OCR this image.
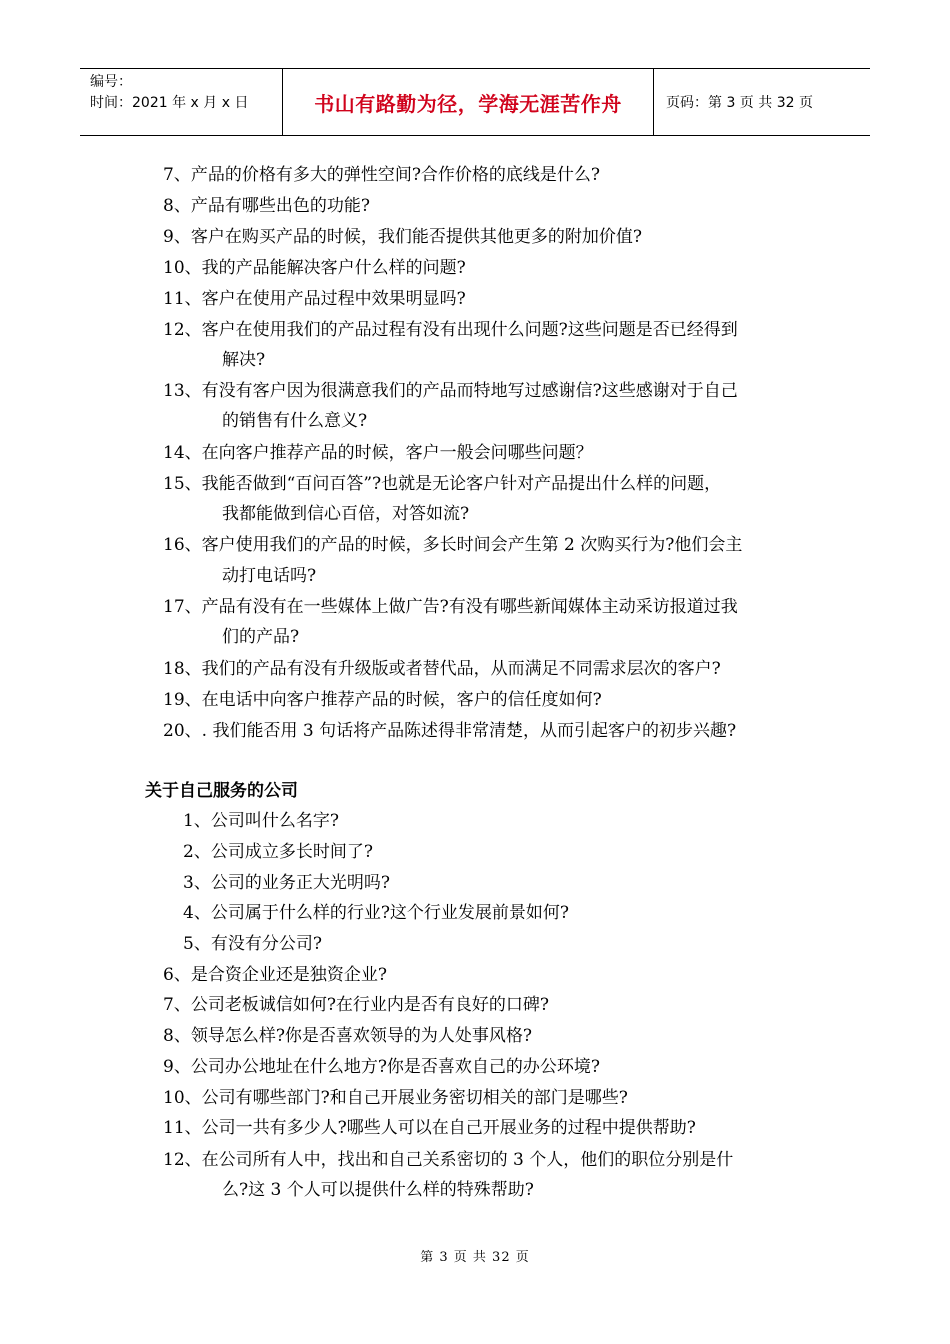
编号：
时间：2021 年 x 月 x 日	书山有路勤为径，学海无涯苦作舟	页码：第 3 页 共 32 页
7、产品的价格有多大的弹性空间?合作价格的底线是什么?
8、产品有哪些出色的功能?
9、客户在购买产品的时候，我们能否提供其他更多的附加价值?
10、我的产品能解决客户什么样的问题?
11、客户在使用产品过程中效果明显吗?
12、客户在使用我们的产品过程有没有出现什么问题?这些问题是否已经得到
解决?
13、有没有客户因为很满意我们的产品而特地写过感谢信?这些感谢对于自己
的销售有什么意义?
14、在向客户推荐产品的时候，客户一般会问哪些问题？
15、我能否做到“百问百答”?也就是无论客户针对产品提出什么样的问题，
我都能做到信心百倍，对答如流?
16、客户使用我们的产品的时候，多长时间会产生第 2 次购买行为?他们会主
动打电话吗?
17、产品有没有在一些媒体上做广告?有没有哪些新闻媒体主动采访报道过我
们的产品?
18、我们的产品有没有升级版或者替代品，从而满足不同需求层次的客户?
19、在电话中向客户推荐产品的时候，客户的信任度如何?
20、. 我们能否用 3 句话将产品陈述得非常清楚，从而引起客户的初步兴趣?
关于自己服务的公司
1、公司叫什么名字?
2、公司成立多长时间了?
3、公司的业务正大光明吗?
4、公司属于什么样的行业?这个行业发展前景如何?
5、有没有分公司?
6、是合资企业还是独资企业?
7、公司老板诚信如何?在行业内是否有良好的口碑?
8、领导怎么样?你是否喜欢领导的为人处事风格?
9、公司办公地址在什么地方?你是否喜欢自己的办公环境?
10、公司有哪些部门?和自己开展业务密切相关的部门是哪些?
11、公司一共有多少人?哪些人可以在自己开展业务的过程中提供帮助?
12、在公司所有人中，找出和自己关系密切的 3 个人，他们的职位分别是什
么?这 3 个人可以提供什么样的特殊帮助?
第 3 页 共 32 页
